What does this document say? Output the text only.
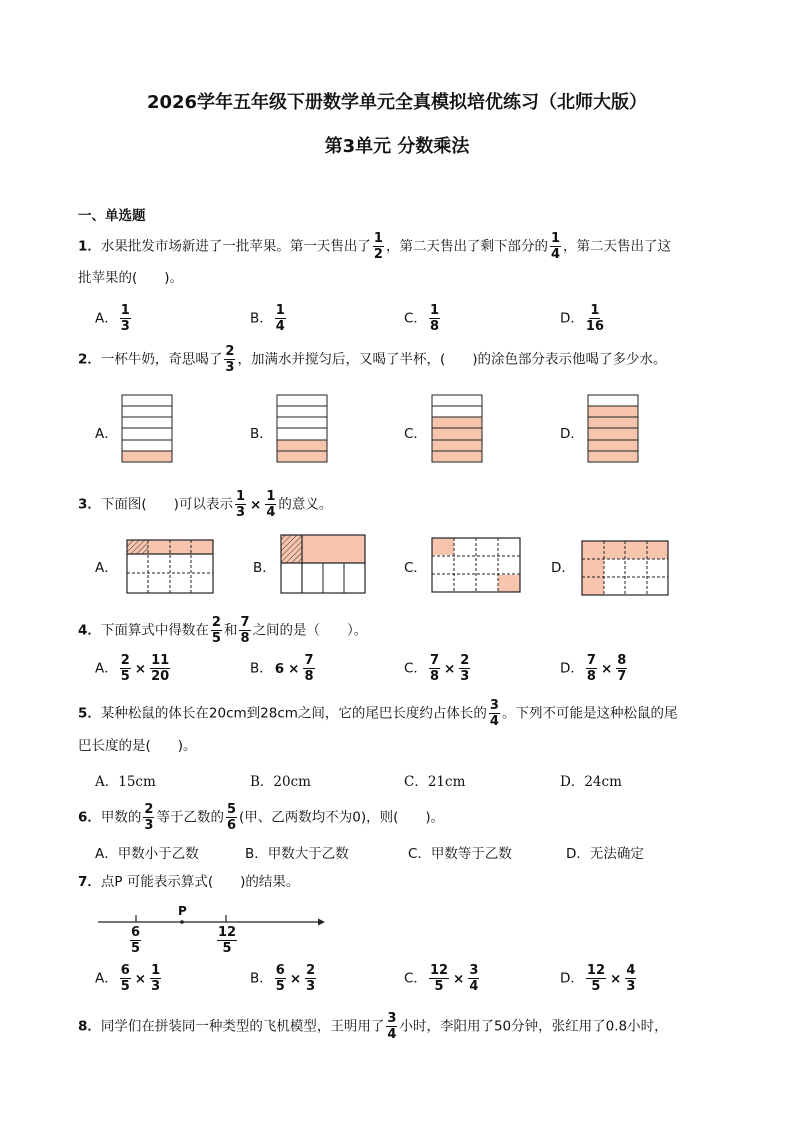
2026学年五年级下册数学单元全真模拟培优练习（北师大版）
第3单元 分数乘法
一、单选题
1．水果批发市场新进了一批苹果。第一天售出了 $\frac{1}{2}$ ，第二天售出了剩下部分的 $\frac{1}{4}$ ，第二天售出了这
批苹果的(　　)。
A． $\frac{1}{3}$	B． $\frac{1}{4}$	C． $\frac{1}{8}$	D． $\frac{1}{16}$
2．一杯牛奶，奇思喝了 $\frac{2}{3}$ ，加满水并搅匀后，又喝了半杯，(　　)的涂色部分表示他喝了多少水。
A．	B．	C．	D．
A．	B．	C．	D．
3．下面图(　　)可以表示 $\frac{1}{3} \times \frac{1}{4}$ 的意义。
4．下面算式中得数在 $\frac{2}{5}$ 和 $\frac{7}{8}$ 之间的是（　　）。
A． $\frac{2}{5} \times \frac{11}{20}$	B． $6 \times \frac{7}{8}$	C． $\frac{7}{8} \times \frac{2}{3}$	D． $\frac{7}{8} \times \frac{8}{7}$
5．某种松鼠的体长在20cm到28cm之间，它的尾巴长度约占体长的 $\frac{3}{4}$ 。下列不可能是这种松鼠的尾
巴长度的是(　　)。
A．15cm	B．20cm	C．21cm	D．24cm
6．甲数的 $\frac{2}{3}$ 等于乙数的 $\frac{5}{6}$ (甲、乙两数均不为0)，则(　　)。
A．甲数小于乙数	B．甲数大于乙数	C．甲数等于乙数	D．无法确定
7．点P 可能表示算式(　　)的结果。
P
$\frac{6}{5}$	$\frac{12}{5}$
A． $\frac{6}{5} \times \frac{1}{3}$	B． $\frac{6}{5} \times \frac{2}{3}$	C． $\frac{12}{5} \times \frac{3}{4}$	D． $\frac{12}{5} \times \frac{4}{3}$
8．同学们在拼装同一种类型的飞机模型，王明用了 $\frac{3}{4}$ 小时，李阳用了50分钟，张红用了0.8小时，
